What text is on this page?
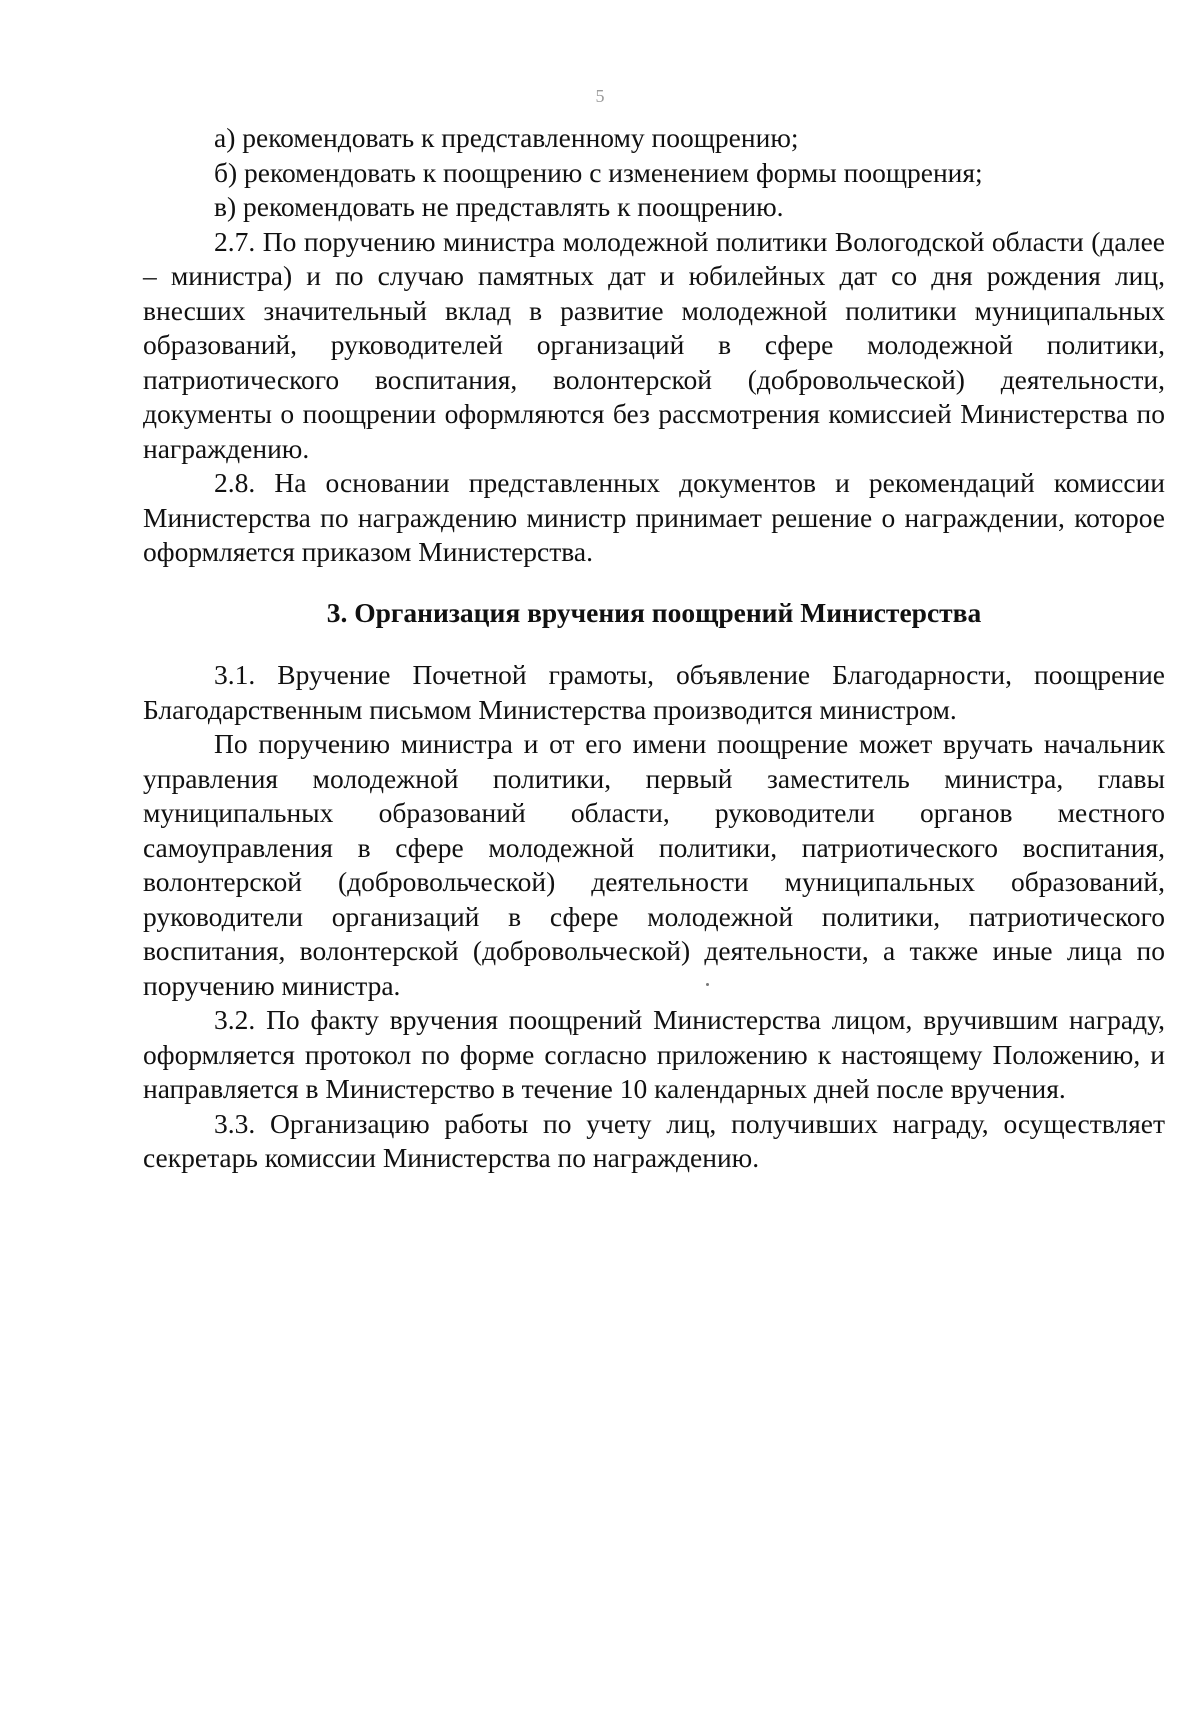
5

а) рекомендовать к представленному поощрению;

б) рекомендовать к поощрению с изменением формы поощрения;

в) рекомендовать не представлять к поощрению.

2.7. По поручению министра молодежной политики Вологодской области (далее – министра) и по случаю памятных дат и юбилейных дат со дня рождения лиц, внесших значительный вклад в развитие молодежной политики муниципальных образований, руководителей организаций в сфере молодежной политики, патриотического воспитания, волонтерской (добровольческой) деятельности, документы о поощрении оформляются без рассмотрения комиссией Министерства по награждению.

2.8. На основании представленных документов и рекомендаций комиссии Министерства по награждению министр принимает решение о награждении, которое оформляется приказом Министерства.

3. Организация вручения поощрений Министерства

3.1. Вручение Почетной грамоты, объявление Благодарности, поощрение Благодарственным письмом Министерства производится министром.

По поручению министра и от его имени поощрение может вручать начальник управления молодежной политики, первый заместитель министра, главы муниципальных образований области, руководители органов местного самоуправления в сфере молодежной политики, патриотического воспитания, волонтерской (добровольческой) деятельности муниципальных образований, руководители организаций в сфере молодежной политики, патриотического воспитания, волонтерской (добровольческой) деятельности, а также иные лица по поручению министра.

3.2. По факту вручения поощрений Министерства лицом, вручившим награду, оформляется протокол по форме согласно приложению к настоящему Положению, и направляется в Министерство в течение 10 календарных дней после вручения.

3.3. Организацию работы по учету лиц, получивших награду, осуществляет секретарь комиссии Министерства по награждению.
